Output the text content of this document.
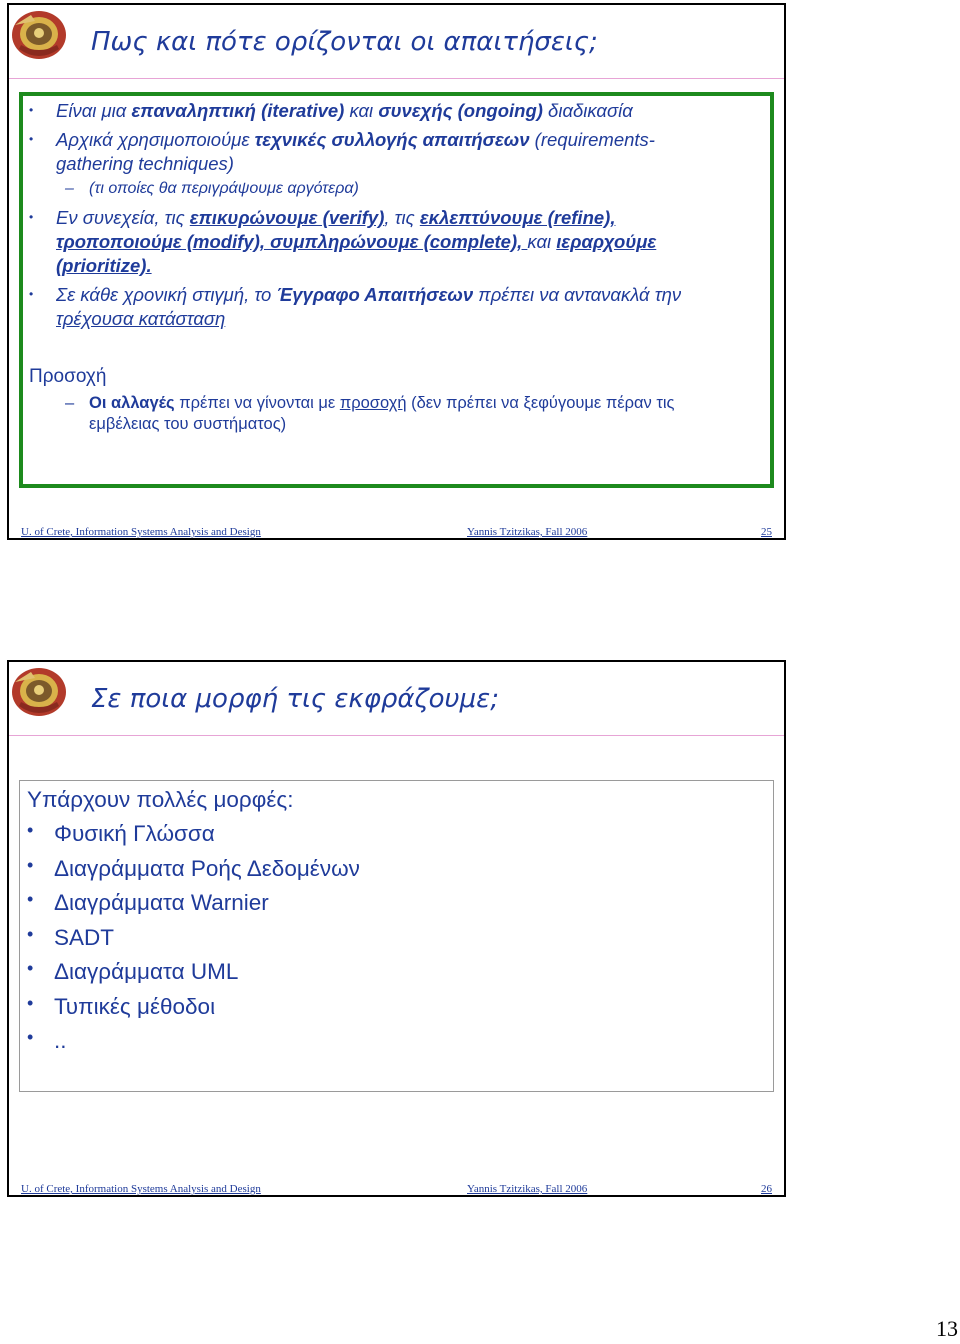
Πως και πότε ορίζονται οι απαιτήσεις;
• Είναι μια επαναληπτική (iterative) και συνεχής (ongoing) διαδικασία
• Αρχικά χρησιμοποιούμε τεχνικές συλλογής απαιτήσεων (requirements-
gathering techniques)
– (τι οποίες θα περιγράψουμε αργότερα)
• Εν συνεχεία, τις επικυρώνουμε (verify), τις εκλεπτύνουμε (refine),
τροποποιούμε (modify), συμπληρώνουμε (complete), και ιεραρχούμε
(prioritize).
• Σε κάθε χρονική στιγμή, το Έγγραφο Απαιτήσεων πρέπει να αντανακλά την
τρέχουσα κατάσταση
Προσοχή
– Οι αλλαγές πρέπει να γίνονται με προσοχή (δεν πρέπει να ξεφύγουμε πέραν τις
εμβέλειας του συστήματος)
U. of Crete, Information Systems Analysis and Design	Yannis Tzitzikas, Fall 2006	25
Σε ποια μορφή τις εκφράζουμε;
Υπάρχουν πολλές μορφές:
• Φυσική Γλώσσα
• Διαγράμματα Ροής Δεδομένων
• Διαγράμματα Warnier
• SADT
• Διαγράμματα UML
• Τυπικές μέθοδοι
• ..
U. of Crete, Information Systems Analysis and Design	Yannis Tzitzikas, Fall 2006	26
13
